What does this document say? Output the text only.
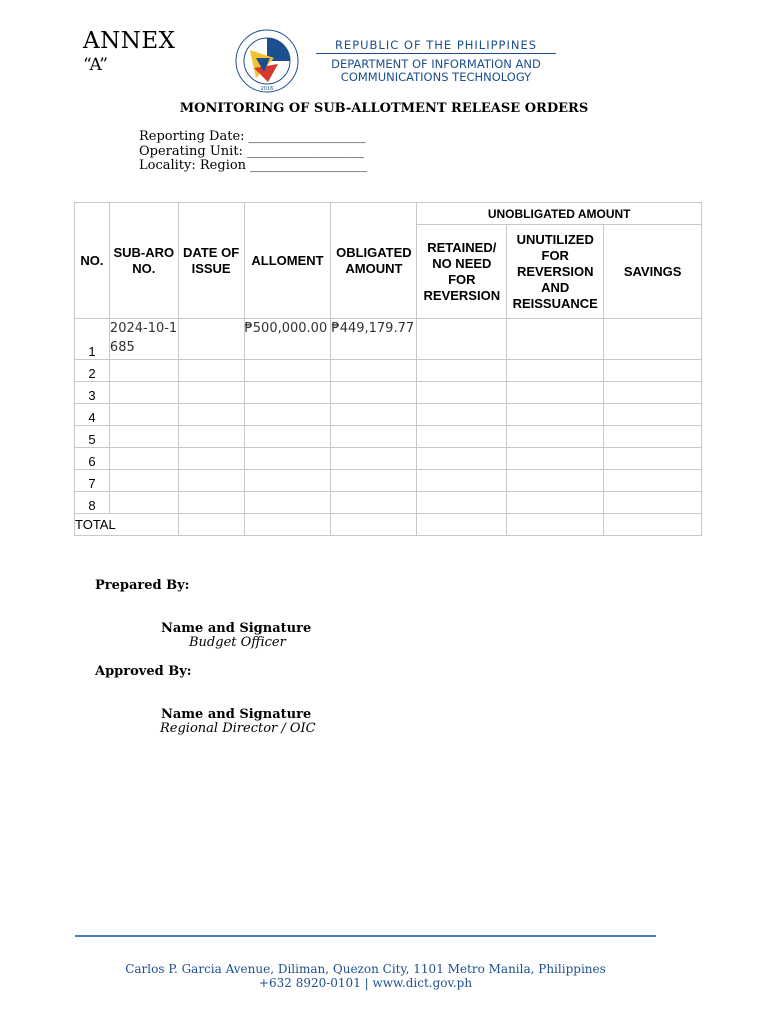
ANNEX
“A”
2016
REPUBLIC OF THE PHILIPPINES
DEPARTMENT OF INFORMATION AND
COMMUNICATIONS TECHNOLOGY
MONITORING OF SUB-ALLOTMENT RELEASE ORDERS
Reporting Date: __________________
Operating Unit: __________________
Locality: Region __________________
NO.	SUB-ARO NO.	DATE OF ISSUE	ALLOMENT	OBLIGATED AMOUNT	UNOBLIGATED AMOUNT		
					RETAINED/ NO NEED FOR REVERSION	UNUTILIZED FOR REVERSION AND REISSUANCE	SAVINGS
1	2024-10-1685		₱500,000.00	₱449,179.77			
2							
3							
4							
5							
6							
7							
8							
TOTAL							
Prepared By:
Name and Signature
Budget Officer
Approved By:
Name and Signature
Regional Director / OIC
Carlos P. Garcia Avenue, Diliman, Quezon City, 1101 Metro Manila, Philippines
+632 8920-0101 | www.dict.gov.ph
